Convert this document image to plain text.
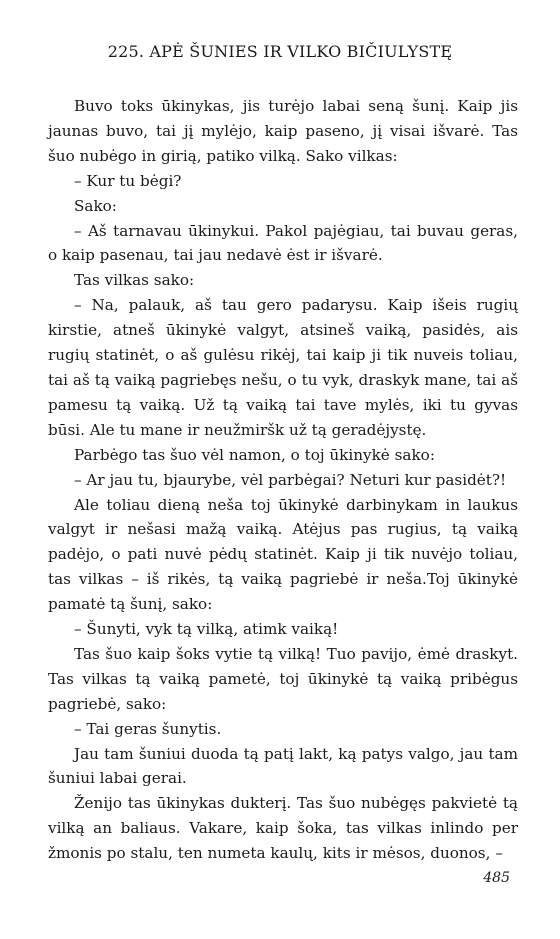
225. APĖ ŠUNIES IR VILKO BIČIULYSTĘ

Buvo toks ūkinykas, jis turėjo labai seną šunį. Kaip jis jaunas buvo, tai jį mylėjo, kaip paseno, jį visai išvarė. Tas šuo nubėgo in girią, patiko vilką. Sako vilkas:

– Kur tu bėgi?

Sako:

– Aš tarnavau ūkinykui. Pakol pajėgiau, tai buvau geras, o kaip pasenau, tai jau nedavė ėst ir išvarė.

Tas vilkas sako:

– Na, palauk, aš tau gero padarysu. Kaip išeis rugių kirstie, atneš ūkinykė valgyt, atsineš vaiką, pasidės, ais rugių statinėt, o aš gulėsu rikėj, tai kaip ji tik nuveis toliau, tai aš tą vaiką pagriebęs nešu, o tu vyk, draskyk mane, tai aš pamesu tą vaiką. Už tą vaiką tai tave mylės, iki tu gyvas būsi. Ale tu mane ir neužmiršk už tą geradėjystę.

Parbėgo tas šuo vėl namon, o toj ūkinykė sako:

– Ar jau tu, bjaurybe, vėl parbėgai? Neturi kur pasidėt?!

Ale toliau dieną neša toj ūkinykė darbinykam in laukus valgyt ir nešasi mažą vaiką. Atėjus pas rugius, tą vaiką padėjo, o pati nuvė pėdų statinėt. Kaip ji tik nuvėjo toliau, tas vilkas – iš rikės, tą vaiką pagriebė ir neša.Toj ūkinykė pamatė tą šunį, sako:

– Šunyti, vyk tą vilką, atimk vaiką!

Tas šuo kaip šoks vytie tą vilką! Tuo pavijo, ėmė draskyt. Tas vilkas tą vaiką pametė, toj ūkinykė tą vaiką pribėgus pagriebė, sako:

– Tai geras šunytis.

Jau tam šuniui duoda tą patį lakt, ką patys valgo, jau tam šuniui labai gerai.

Ženijo tas ūkinykas dukterį. Tas šuo nubėgęs pakvietė tą vilką an baliaus. Vakare, kaip šoka, tas vilkas inlindo per žmonis po stalu, ten numeta kaulų, kits ir mėsos, duonos, –

485
